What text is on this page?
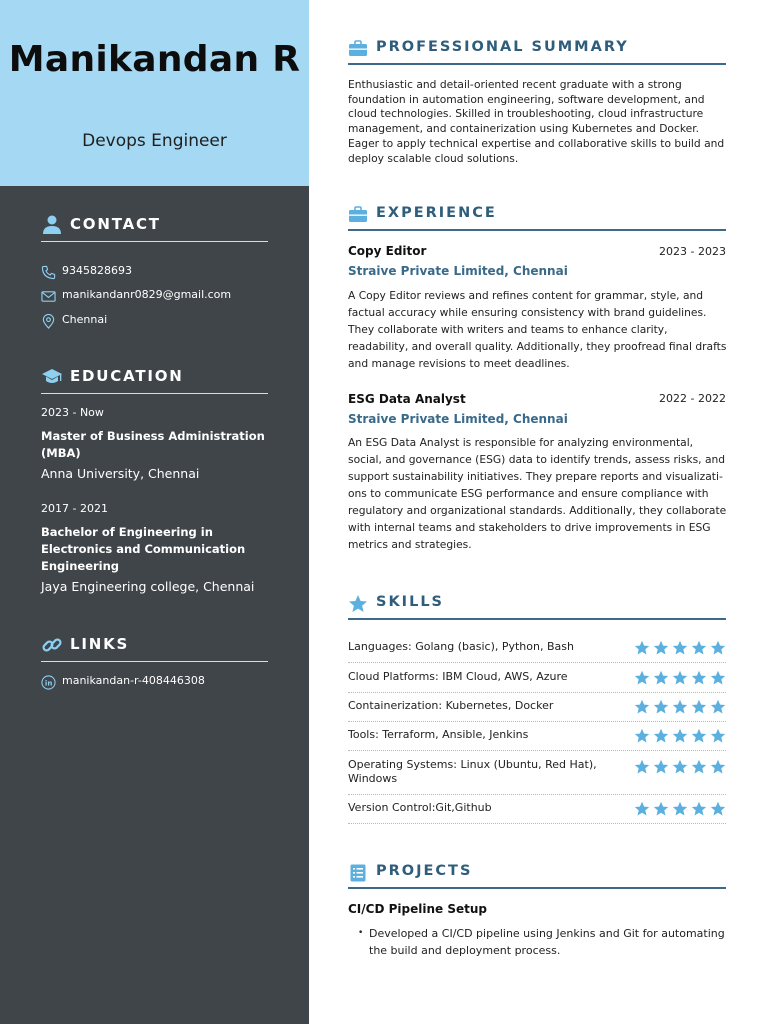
Manikandan R
Devops Engineer
CONTACT
9345828693
manikandanr0829@gmail.com
Chennai
EDUCATION
2023 - Now
Master of Business Administration (MBA)
Anna University, Chennai
2017 - 2021
Bachelor of Engineering in Electronics and Communication Engineering
Jaya Engineering college, Chennai
LINKS
in manikandan-r-408446308
PROFESSIONAL SUMMARY
Enthusiastic and detail-oriented recent graduate with a strong foundation in automation engineering, software development, and cloud technologies. Skilled in troubleshooting, cloud infrastructure management, and containerization using Kubernetes and Docker. Eager to apply technical expertise and collaborative skills to build and deploy scalable cloud solutions.
EXPERIENCE
Copy Editor	2023 - 2023
Straive Private Limited, Chennai
A Copy Editor reviews and refines content for grammar, style, and factual accuracy while ensuring consistency with brand guidelines. They collaborate with writers and teams to enhance clarity, readability, and overall quality. Additionally, they proofread final drafts and manage revisions to meet deadlines.
ESG Data Analyst	2022 - 2022
Straive Private Limited, Chennai
An ESG Data Analyst is responsible for analyzing environmental, social, and governance (ESG) data to identify trends, assess risks, and support sustainability initiatives. They prepare reports and visualizati-ons to communicate ESG performance and ensure compliance with regulatory and organizational standards. Additionally, they collaborate with internal teams and stakeholders to drive improvements in ESG metrics and strategies.
SKILLS
Languages: Golang (basic), Python, Bash
Cloud Platforms: IBM Cloud, AWS, Azure
Containerization: Kubernetes, Docker
Tools: Terraform, Ansible, Jenkins
Operating Systems: Linux (Ubuntu, Red Hat), Windows
Version Control:Git,Github
PROJECTS
CI/CD Pipeline Setup
• Developed a CI/CD pipeline using Jenkins and Git for automating the build and deployment process.
